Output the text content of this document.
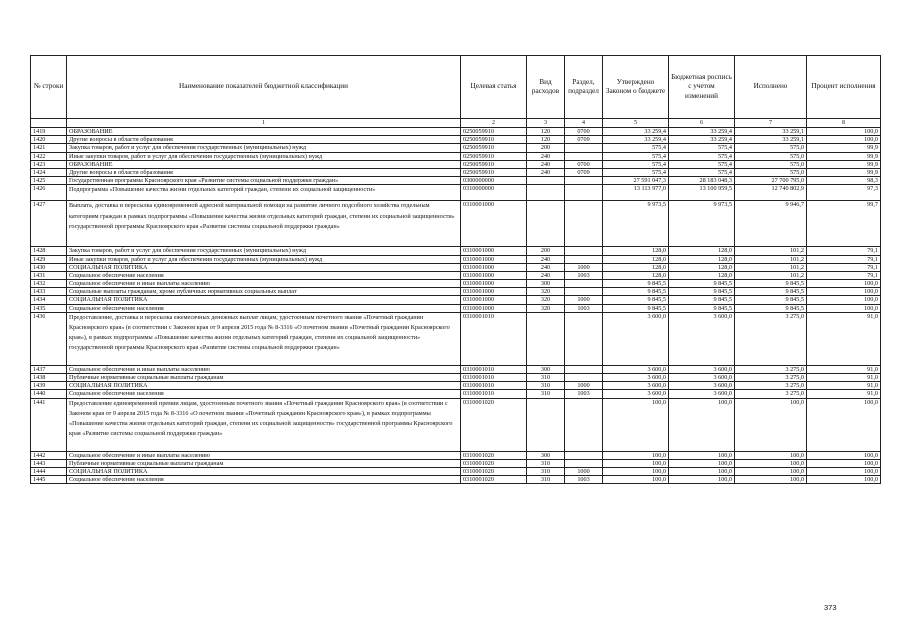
№ строки	Наименование показателей бюджетной классификации	Целевая статья	Вид расходов	Раздел, подраздел	Утверждено Законом о бюджете	Бюджетная роспись с учетом изменений	Исполнено	Процент исполнения
	1	2	3	4	5	6	7	8
1419	ОБРАЗОВАНИЕ	0250059910	120	0700	33 259,4	33 259,4	33 259,1	100,0
1420	Другие вопросы в области образования	0250059910	120	0709	33 259,4	33 259,4	33 259,1	100,0
1421	Закупка товаров, работ и услуг для обеспечения государственных (муниципальных) нужд	0250059910	200		575,4	575,4	575,0	99,9
1422	Иные закупки товаров, работ и услуг для обеспечения государственных (муниципальных) нужд	0250059910	240		575,4	575,4	575,0	99,9
1423	ОБРАЗОВАНИЕ	0250059910	240	0700	575,4	575,4	575,0	99,9
1424	Другие вопросы в области образования	0250059910	240	0709	575,4	575,4	575,0	99,9
1425	Государственная программа Красноярского края «Развитие системы социальной поддержки граждан»	0300000000			27 591 047,3	28 183 048,3	27 700 795,0	98,3
1426	Подпрограмма «Повышение качества жизни отдельных категорий граждан, степени их социальной защищенности»	0310000000			13 113 977,0	13 100 959,5	12 740 802,9	97,3
1427	Выплата, доставка и пересылка единовременной адресной материальной помощи на развитие личного подсобного хозяйства отдельным категориям граждан в рамках подпрограммы «Повышение качества жизни отдельных категорий граждан, степени их социальной защищенности» государственной программы Красноярского края «Развитие системы социальной поддержки граждан»	0310001000			9 973,5	9 973,5	9 946,7	99,7
1428	Закупка товаров, работ и услуг для обеспечения государственных (муниципальных) нужд	0310001000	200		128,0	128,0	101,2	79,1
1429	Иные закупки товаров, работ и услуг для обеспечения государственных (муниципальных) нужд	0310001000	240		128,0	128,0	101,2	79,1
1430	СОЦИАЛЬНАЯ ПОЛИТИКА	0310001000	240	1000	128,0	128,0	101,2	79,1
1431	Социальное обеспечение населения	0310001000	240	1003	128,0	128,0	101,2	79,1
1432	Социальное обеспечение и иные выплаты населению	0310001000	300		9 845,5	9 845,5	9 845,5	100,0
1433	Социальные выплаты гражданам, кроме публичных нормативных социальных выплат	0310001000	320		9 845,5	9 845,5	9 845,5	100,0
1434	СОЦИАЛЬНАЯ ПОЛИТИКА	0310001000	320	1000	9 845,5	9 845,5	9 845,5	100,0
1435	Социальное обеспечение населения	0310001000	320	1003	9 845,5	9 845,5	9 845,5	100,0
1436	Предоставление, доставка и пересылка ежемесячных денежных выплат лицам, удостоенным почетного звания «Почетный гражданин Красноярского края» (в соответствии с Законом края от 9 апреля 2015 года № 8-3316 «О почетном звании «Почетный гражданин Красноярского края»), в рамках подпрограммы «Повышение качества жизни отдельных категорий граждан, степени их социальной защищенности» государственной программы Красноярского края «Развитие системы социальной поддержки граждан»	0310001010			3 600,0	3 600,0	3 275,0	91,0
1437	Социальное обеспечение и иные выплаты населению	0310001010	300		3 600,0	3 600,0	3 275,0	91,0
1438	Публичные нормативные социальные выплаты гражданам	0310001010	310		3 600,0	3 600,0	3 275,0	91,0
1439	СОЦИАЛЬНАЯ ПОЛИТИКА	0310001010	310	1000	3 600,0	3 600,0	3 275,0	91,0
1440	Социальное обеспечение населения	0310001010	310	1003	3 600,0	3 600,0	3 275,0	91,0
1441	Предоставление единовременной премии лицам, удостоенным почетного звания «Почетный гражданин Красноярского края» (в соответствии с Законом края от 9 апреля 2015 года № 8-3316 «О почетном звании «Почетный гражданин Красноярского края»), в рамках подпрограммы «Повышение качества жизни отдельных категорий граждан, степени их социальной защищенности» государственной программы Красноярского края «Развитие системы социальной поддержки граждан»	0310001020			100,0	100,0	100,0	100,0
1442	Социальное обеспечение и иные выплаты населению	0310001020	300		100,0	100,0	100,0	100,0
1443	Публичные нормативные социальные выплаты гражданам	0310001020	310		100,0	100,0	100,0	100,0
1444	СОЦИАЛЬНАЯ ПОЛИТИКА	0310001020	310	1000	100,0	100,0	100,0	100,0
1445	Социальное обеспечение населения	0310001020	310	1003	100,0	100,0	100,0	100,0
373
